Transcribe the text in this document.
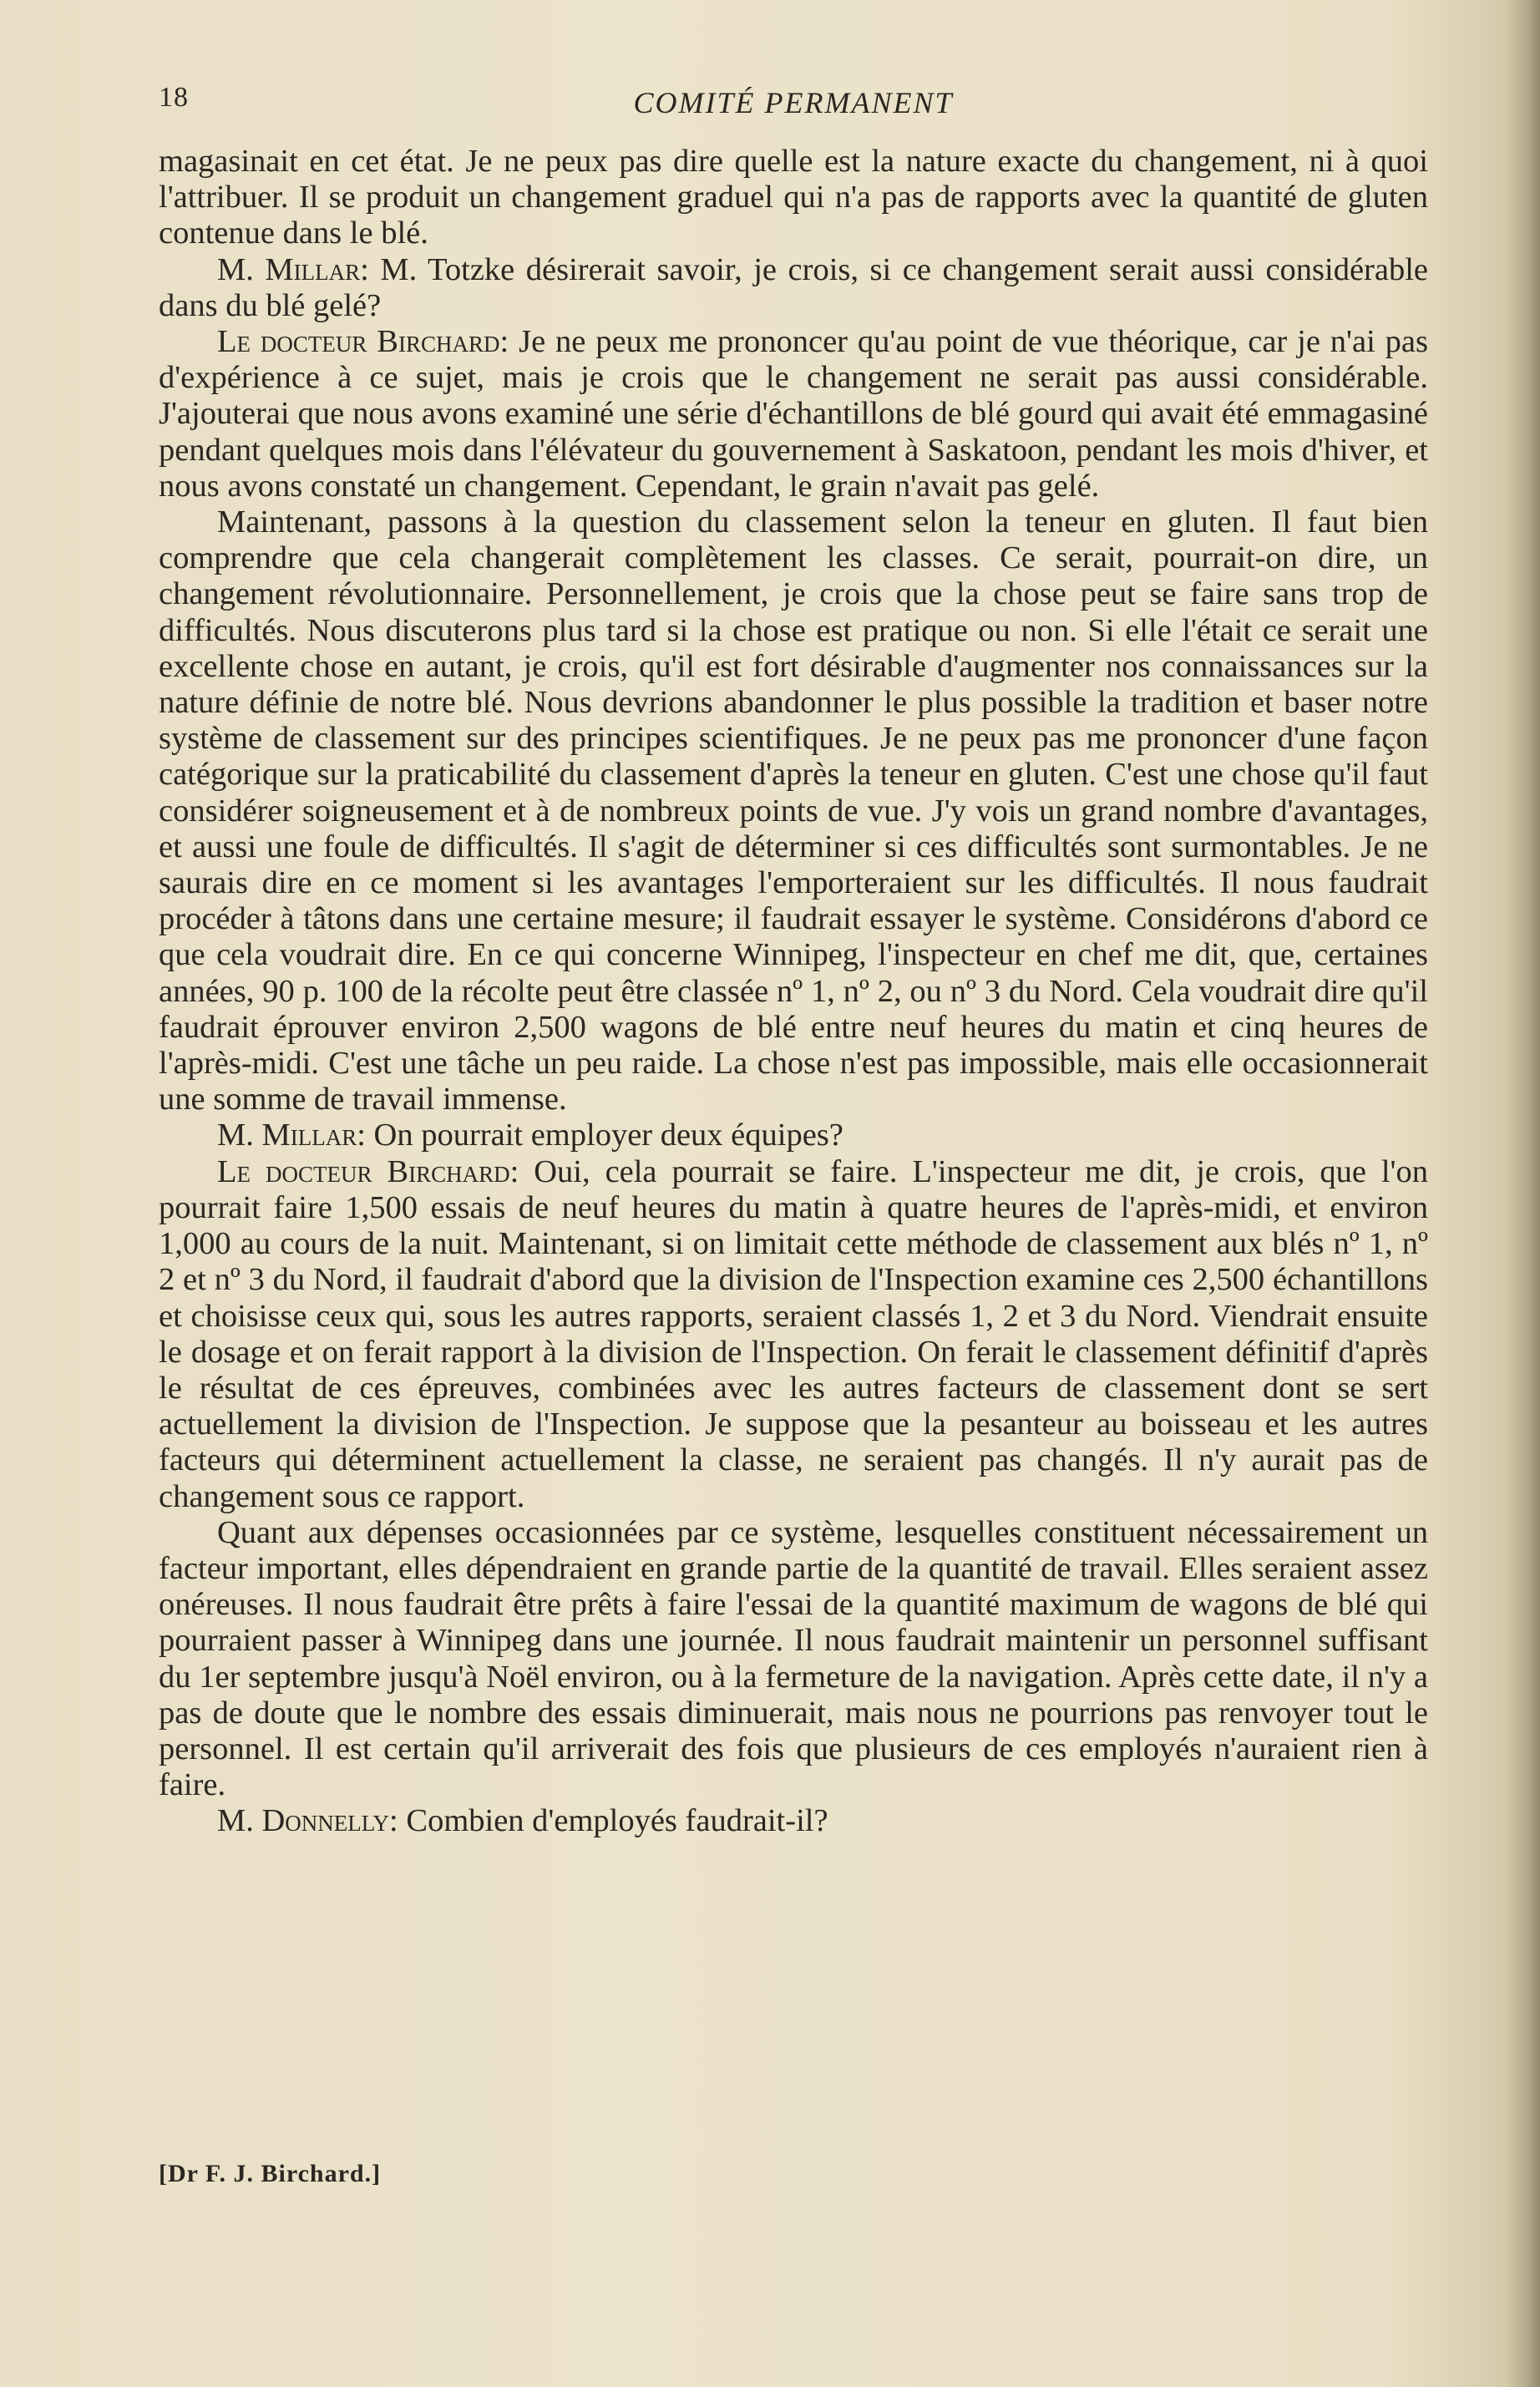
18	COMITÉ PERMANENT

magasinait en cet état. Je ne peux pas dire quelle est la nature exacte du changement, ni à quoi l'attribuer. Il se produit un changement graduel qui n'a pas de rapports avec la quantité de gluten contenue dans le blé.

M. Millar: M. Totzke désirerait savoir, je crois, si ce changement serait aussi considérable dans du blé gelé?

Le docteur Birchard: Je ne peux me prononcer qu'au point de vue théorique, car je n'ai pas d'expérience à ce sujet, mais je crois que le changement ne serait pas aussi considérable. J'ajouterai que nous avons examiné une série d'échantillons de blé gourd qui avait été emmagasiné pendant quelques mois dans l'élévateur du gouvernement à Saskatoon, pendant les mois d'hiver, et nous avons constaté un changement. Cependant, le grain n'avait pas gelé.

Maintenant, passons à la question du classement selon la teneur en gluten. Il faut bien comprendre que cela changerait complètement les classes. Ce serait, pourrait-on dire, un changement révolutionnaire. Personnellement, je crois que la chose peut se faire sans trop de difficultés. Nous discuterons plus tard si la chose est pratique ou non. Si elle l'était ce serait une excellente chose en autant, je crois, qu'il est fort désirable d'augmenter nos connaissances sur la nature définie de notre blé. Nous devrions abandonner le plus possible la tradition et baser notre système de classement sur des principes scientifiques. Je ne peux pas me prononcer d'une façon catégorique sur la praticabilité du classement d'après la teneur en gluten. C'est une chose qu'il faut considérer soigneusement et à de nombreux points de vue. J'y vois un grand nombre d'avantages, et aussi une foule de difficultés. Il s'agit de déterminer si ces difficultés sont surmontables. Je ne saurais dire en ce moment si les avantages l'emporteraient sur les difficultés. Il nous faudrait procéder à tâtons dans une certaine mesure; il faudrait essayer le système. Considérons d'abord ce que cela voudrait dire. En ce qui concerne Winnipeg, l'inspecteur en chef me dit, que, certaines années, 90 p. 100 de la récolte peut être classée nº 1, nº 2, ou nº 3 du Nord. Cela voudrait dire qu'il faudrait éprouver environ 2,500 wagons de blé entre neuf heures du matin et cinq heures de l'après-midi. C'est une tâche un peu raide. La chose n'est pas impossible, mais elle occasionnerait une somme de travail immense.

M. Millar: On pourrait employer deux équipes?

Le docteur Birchard: Oui, cela pourrait se faire. L'inspecteur me dit, je crois, que l'on pourrait faire 1,500 essais de neuf heures du matin à quatre heures de l'après-midi, et environ 1,000 au cours de la nuit. Maintenant, si on limitait cette méthode de classement aux blés nº 1, nº 2 et nº 3 du Nord, il faudrait d'abord que la division de l'Inspection examine ces 2,500 échantillons et choisisse ceux qui, sous les autres rapports, seraient classés 1, 2 et 3 du Nord. Viendrait ensuite le dosage et on ferait rapport à la division de l'Inspection. On ferait le classement définitif d'après le résultat de ces épreuves, combinées avec les autres facteurs de classement dont se sert actuellement la division de l'Inspection. Je suppose que la pesanteur au boisseau et les autres facteurs qui déterminent actuellement la classe, ne seraient pas changés. Il n'y aurait pas de changement sous ce rapport.

Quant aux dépenses occasionnées par ce système, lesquelles constituent nécessairement un facteur important, elles dépendraient en grande partie de la quantité de travail. Elles seraient assez onéreuses. Il nous faudrait être prêts à faire l'essai de la quantité maximum de wagons de blé qui pourraient passer à Winnipeg dans une journée. Il nous faudrait maintenir un personnel suffisant du 1er septembre jusqu'à Noël environ, ou à la fermeture de la navigation. Après cette date, il n'y a pas de doute que le nombre des essais diminuerait, mais nous ne pourrions pas renvoyer tout le personnel. Il est certain qu'il arriverait des fois que plusieurs de ces employés n'auraient rien à faire.

M. Donnelly: Combien d'employés faudrait-il?

[Dr F. J. Birchard.]
